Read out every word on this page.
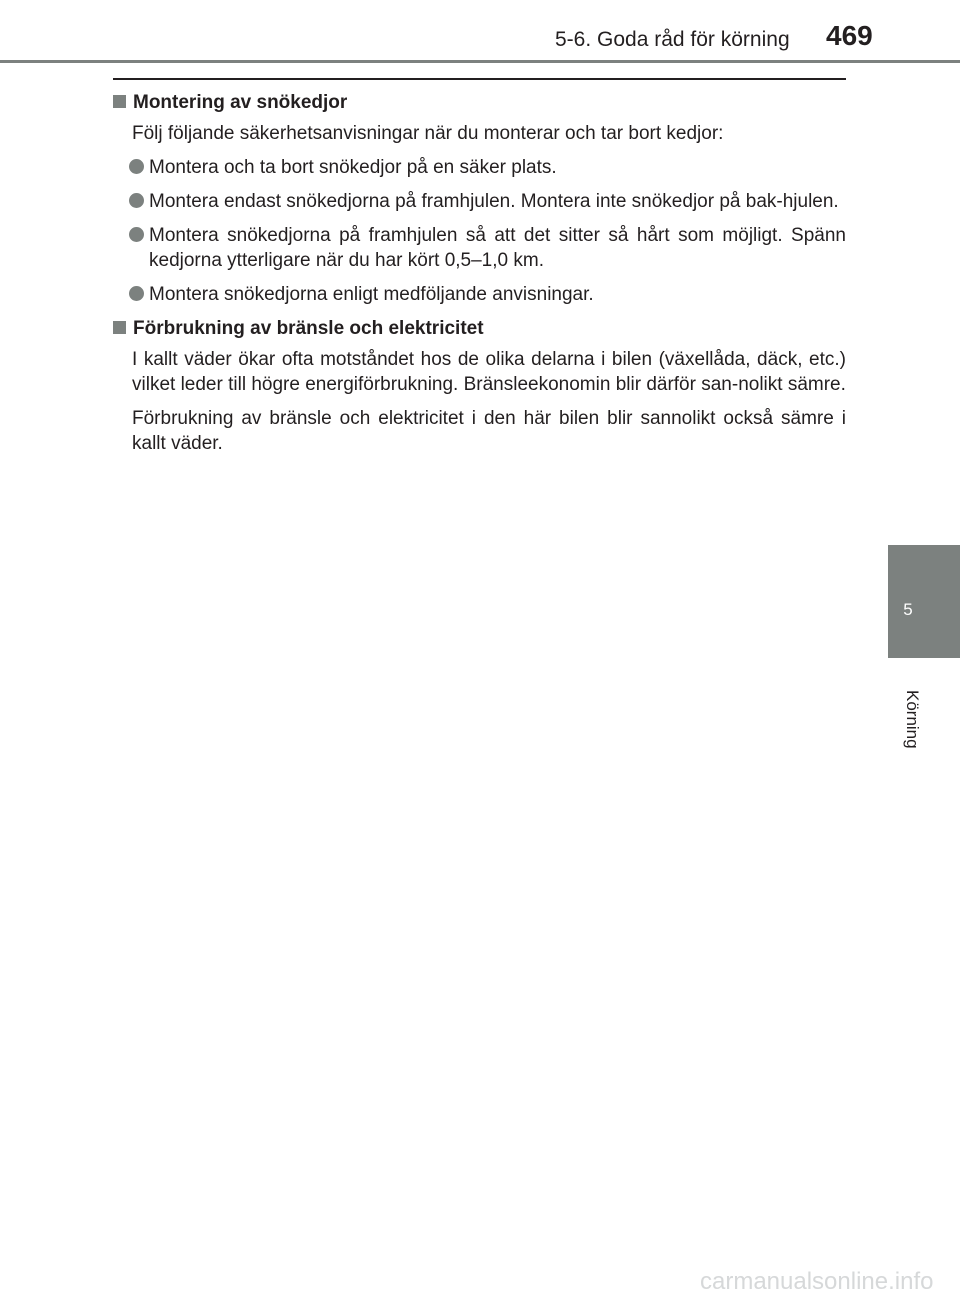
5-6. Goda råd för körning 469
5
Körning
Montering av snökedjor
Följ följande säkerhetsanvisningar när du monterar och tar bort kedjor:
Montera och ta bort snökedjor på en säker plats.
Montera endast snökedjorna på framhjulen. Montera inte snökedjor på bak-hjulen.
Montera snökedjorna på framhjulen så att det sitter så hårt som möjligt. Spänn kedjorna ytterligare när du har kört 0,5–1,0 km.
Montera snökedjorna enligt medföljande anvisningar.
Förbrukning av bränsle och elektricitet
I kallt väder ökar ofta motståndet hos de olika delarna i bilen (växellåda, däck, etc.) vilket leder till högre energiförbrukning. Bränsleekonomin blir därför san-nolikt sämre.
Förbrukning av bränsle och elektricitet i den här bilen blir sannolikt också sämre i kallt väder.
carmanualsonline.info
